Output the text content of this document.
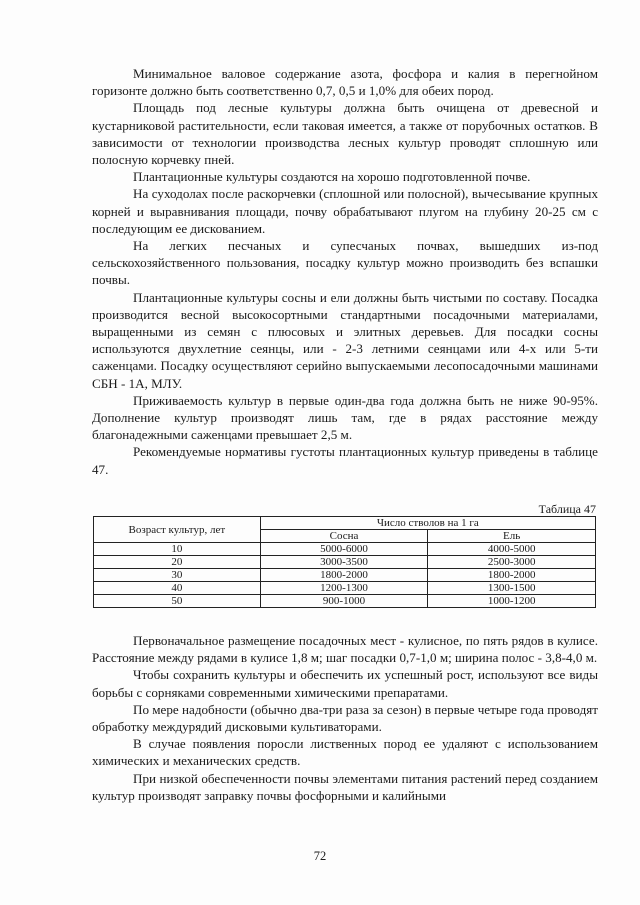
Минимальное валовое содержание азота, фосфора и калия в перегнойном горизонте должно быть соответственно 0,7, 0,5 и 1,0% для обеих пород.

Площадь под лесные культуры должна быть очищена от древесной и кустарниковой растительности, если таковая имеется, а также от порубочных остатков. В зависимости от технологии производства лесных культур проводят сплошную или полосную корчевку пней.

Плантационные культуры создаются на хорошо подготовленной почве.

На суходолах после раскорчевки (сплошной или полосной), вычесывание крупных корней и выравнивания площади, почву обрабатывают плугом на глубину 20-25 см с последующим ее дискованием.

На легких песчаных и супесчаных почвах, вышедших из-под сельскохозяйственного пользования, посадку культур можно производить без вспашки почвы.

Плантационные культуры сосны и ели должны быть чистыми по составу. Посадка производится весной высокосортными стандартными посадочными материалами, выращенными из семян с плюсовых и элитных деревьев. Для посадки сосны используются двухлетние сеянцы, или - 2-3 летними сеянцами или 4-х или 5-ти саженцами. Посадку осуществляют серийно выпускаемыми лесопосадочными машинами СБН - 1А, МЛУ.

Приживаемость культур в первые один-два года должна быть не ниже 90-95%. Дополнение культур производят лишь там, где в рядах расстояние между благонадежными саженцами превышает 2,5 м.

Рекомендуемые нормативы густоты плантационных культур приведены в таблице 47.

Таблица 47
Возраст культур, лет	Число стволов на 1 га	
	Сосна	Ель
10	5000-6000	4000-5000
20	3000-3500	2500-3000
30	1800-2000	1800-2000
40	1200-1300	1300-1500
50	900-1000	1000-1200

Первоначальное размещение посадочных мест - кулисное, по пять рядов в кулисе. Расстояние между рядами в кулисе 1,8 м; шаг посадки 0,7-1,0 м; ширина полос - 3,8-4,0 м.

Чтобы сохранить культуры и обеспечить их успешный рост, используют все виды борьбы с сорняками современными химическими препаратами.

По мере надобности (обычно два-три раза за сезон) в первые четыре года проводят обработку междурядий дисковыми культиваторами.

В случае появления поросли лиственных пород ее удаляют с использованием химических и механических средств.

При низкой обеспеченности почвы элементами питания растений перед созданием культур производят заправку почвы фосфорными и калийными

72
